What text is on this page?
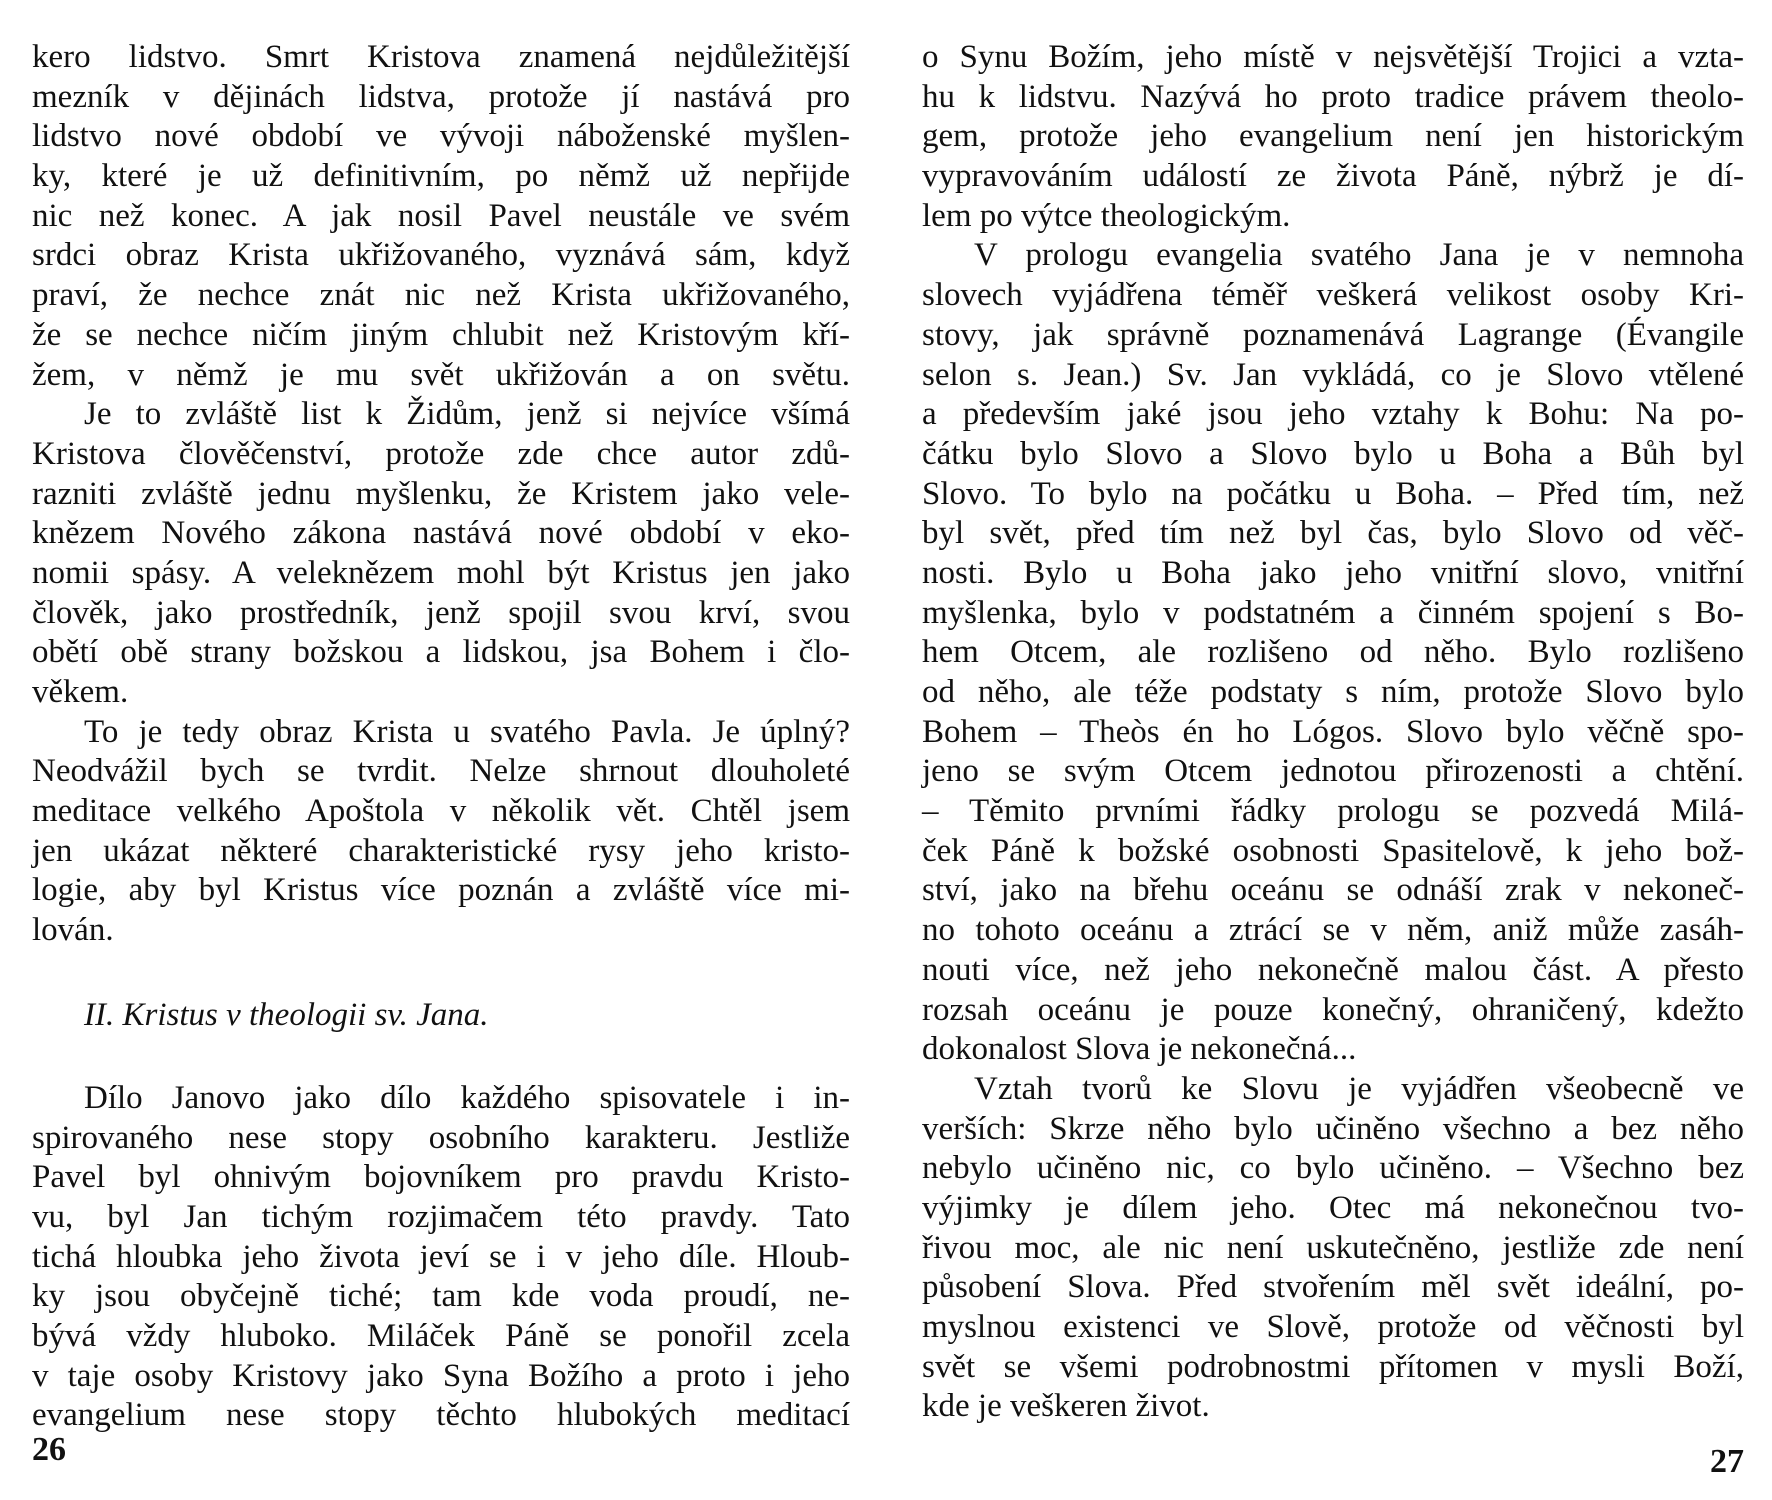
kero lidstvo. Smrt Kristova znamená nejdůležitější
mezník v dějinách lidstva, protože jí nastává pro
lidstvo nové období ve vývoji náboženské myšlen-
ky, které je už definitivním, po němž už nepřijde
nic než konec. A jak nosil Pavel neustále ve svém
srdci obraz Krista ukřižovaného, vyznává sám, když
praví, že nechce znát nic než Krista ukřižovaného,
že se nechce ničím jiným chlubit než Kristovým kří-
žem, v němž je mu svět ukřižován a on světu.
Je to zvláště list k Židům, jenž si nejvíce všímá
Kristova člověčenství, protože zde chce autor zdů-
razniti zvláště jednu myšlenku, že Kristem jako vele-
knězem Nového zákona nastává nové období v eko-
nomii spásy. A veleknězem mohl být Kristus jen jako
člověk, jako prostředník, jenž spojil svou krví, svou
obětí obě strany božskou a lidskou, jsa Bohem i člo-
věkem.
To je tedy obraz Krista u svatého Pavla. Je úplný?
Neodvážil bych se tvrdit. Nelze shrnout dlouholeté
meditace velkého Apoštola v několik vět. Chtěl jsem
jen ukázat některé charakteristické rysy jeho kristo-
logie, aby byl Kristus více poznán a zvláště více mi-
lován.
II. Kristus v theologii sv. Jana.
Dílo Janovo jako dílo každého spisovatele i in-
spirovaného nese stopy osobního karakteru. Jestliže
Pavel byl ohnivým bojovníkem pro pravdu Kristo-
vu, byl Jan tichým rozjimačem této pravdy. Tato
tichá hloubka jeho života jeví se i v jeho díle. Hloub-
ky jsou obyčejně tiché; tam kde voda proudí, ne-
bývá vždy hluboko. Miláček Páně se ponořil zcela
v taje osoby Kristovy jako Syna Božího a proto i jeho
evangelium nese stopy těchto hlubokých meditací
26
o Synu Božím, jeho místě v nejsvětější Trojici a vzta-
hu k lidstvu. Nazývá ho proto tradice právem theolo-
gem, protože jeho evangelium není jen historickým
vypravováním událostí ze života Páně, nýbrž je dí-
lem po výtce theologickým.
V prologu evangelia svatého Jana je v nemnoha
slovech vyjádřena téměř veškerá velikost osoby Kri-
stovy, jak správně poznamenává Lagrange (Évangile
selon s. Jean.) Sv. Jan vykládá, co je Slovo vtělené
a především jaké jsou jeho vztahy k Bohu: Na po-
čátku bylo Slovo a Slovo bylo u Boha a Bůh byl
Slovo. To bylo na počátku u Boha. – Před tím, než
byl svět, před tím než byl čas, bylo Slovo od věč-
nosti. Bylo u Boha jako jeho vnitřní slovo, vnitřní
myšlenka, bylo v podstatném a činném spojení s Bo-
hem Otcem, ale rozlišeno od něho. Bylo rozlišeno
od něho, ale téže podstaty s ním, protože Slovo bylo
Bohem – Theòs én ho Lógos. Slovo bylo věčně spo-
jeno se svým Otcem jednotou přirozenosti a chtění.
– Těmito prvními řádky prologu se pozvedá Milá-
ček Páně k božské osobnosti Spasitelově, k jeho bož-
ství, jako na břehu oceánu se odnáší zrak v nekoneč-
no tohoto oceánu a ztrácí se v něm, aniž může zasáh-
nouti více, než jeho nekonečně malou část. A přesto
rozsah oceánu je pouze konečný, ohraničený, kdežto
dokonalost Slova je nekonečná...
Vztah tvorů ke Slovu je vyjádřen všeobecně ve
verších: Skrze něho bylo učiněno všechno a bez něho
nebylo učiněno nic, co bylo učiněno. – Všechno bez
výjimky je dílem jeho. Otec má nekonečnou tvo-
řivou moc, ale nic není uskutečněno, jestliže zde není
působení Slova. Před stvořením měl svět ideální, po-
myslnou existenci ve Slově, protože od věčnosti byl
svět se všemi podrobnostmi přítomen v mysli Boží,
kde je veškeren život.
27
